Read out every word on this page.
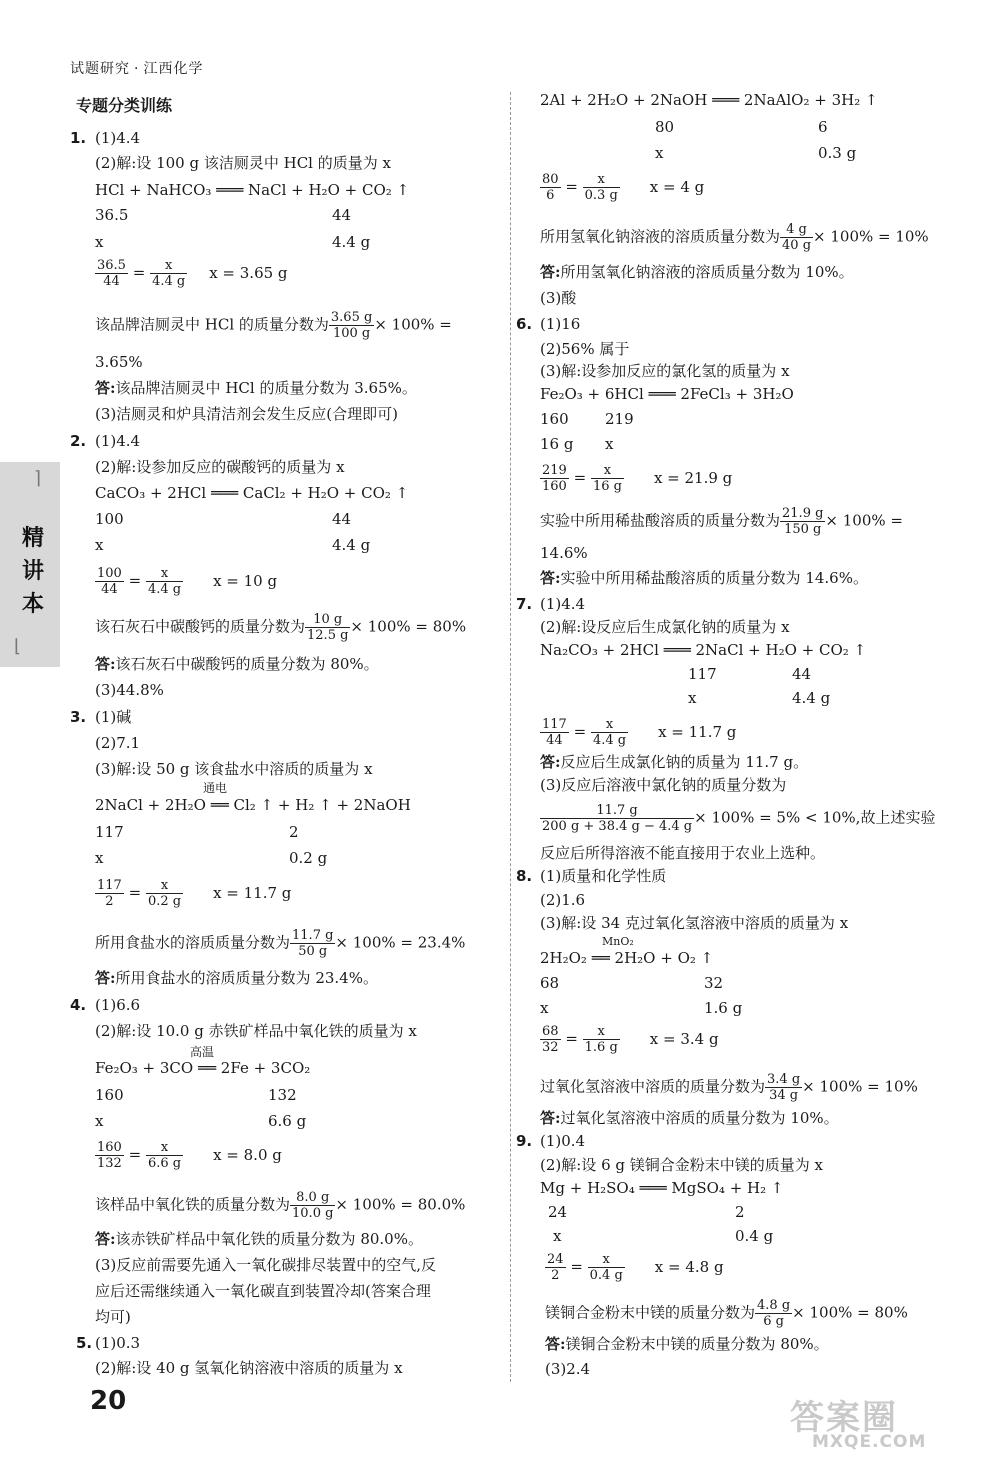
试题研究 · 江西化学
⌉
精讲本
⌊
专题分类训练
1. (1)4.4
(2)解:设 100 g 该洁厕灵中 HCl 的质量为 x
HCl + NaHCO₃ ═══ NaCl + H₂O + CO₂ ↑
36.5	44
x	4.4 g
$\frac{36.5}{44} = \frac{x}{4.4 g}$ x = 3.65 g
该品牌洁厕灵中 HCl 的质量分数为 $\frac{3.65 g}{100 g} \times 100\%$ =
3.65%
答:该品牌洁厕灵中 HCl 的质量分数为 3.65%。
(3)洁厕灵和炉具清洁剂会发生反应(合理即可)
2. (1)4.4
(2)解:设参加反应的碳酸钙的质量为 x
CaCO₃ + 2HCl ═══ CaCl₂ + H₂O + CO₂ ↑
100	44
x	4.4 g
$\frac{100}{44} = \frac{x}{4.4 g}$ x = 10 g
该石灰石中碳酸钙的质量分数为 $\frac{10 g}{12.5 g} \times 100\% = 80\%$
答:该石灰石中碳酸钙的质量分数为 80%。
(3)44.8%
3. (1)碱
(2)7.1
(3)解:设 50 g 该食盐水中溶质的质量为 x
通电
2NaCl + 2H₂O ══ Cl₂ ↑ + H₂ ↑ + 2NaOH
117	2
x	0.2 g
$\frac{117}{2} = \frac{x}{0.2 g}$ x = 11.7 g
所用食盐水的溶质质量分数为 $\frac{11.7 g}{50 g} \times 100\% = 23.4\%$
答:所用食盐水的溶质质量分数为 23.4%。
4. (1)6.6
(2)解:设 10.0 g 赤铁矿样品中氧化铁的质量为 x
高温
Fe₂O₃ + 3CO ══ 2Fe + 3CO₂
160	132
x	6.6 g
$\frac{160}{132} = \frac{x}{6.6 g}$ x = 8.0 g
该样品中氧化铁的质量分数为 $\frac{8.0 g}{10.0 g} \times 100\% = 80.0\%$
答:该赤铁矿样品中氧化铁的质量分数为 80.0%。
(3)反应前需要先通入一氧化碳排尽装置中的空气,反
应后还需继续通入一氧化碳直到装置冷却(答案合理
均可)
5. (1)0.3
(2)解:设 40 g 氢氧化钠溶液中溶质的质量为 x
2Al + 2H₂O + 2NaOH ═══ 2NaAlO₂ + 3H₂ ↑
80	6
x	0.3 g
$\frac{80}{6} = \frac{x}{0.3 g}$ x = 4 g
所用氢氧化钠溶液的溶质质量分数为 $\frac{4 g}{40 g} \times 100\% = 10\%$
答:所用氢氧化钠溶液的溶质质量分数为 10%。
(3)酸
6. (1)16
(2)56% 属于
(3)解:设参加反应的氯化氢的质量为 x
Fe₂O₃ + 6HCl ═══ 2FeCl₃ + 3H₂O
160 219
16 g x
$\frac{219}{160} = \frac{x}{16 g}$ x = 21.9 g
实验中所用稀盐酸溶质的质量分数为 $\frac{21.9 g}{150 g} \times 100\%$ =
14.6%
答:实验中所用稀盐酸溶质的质量分数为 14.6%。
7. (1)4.4
(2)解:设反应后生成氯化钠的质量为 x
Na₂CO₃ + 2HCl ═══ 2NaCl + H₂O + CO₂ ↑
117	44
x	4.4 g
$\frac{117}{44} = \frac{x}{4.4 g}$ x = 11.7 g
答:反应后生成氯化钠的质量为 11.7 g。
(3)反应后溶液中氯化钠的质量分数为
$\frac{11.7 g}{200 g + 38.4 g - 4.4 g} \times 100\% = 5\% < 10\%$,故上述实验
反应后所得溶液不能直接用于农业上选种。
8. (1)质量和化学性质
(2)1.6
(3)解:设 34 克过氧化氢溶液中溶质的质量为 x
MnO₂
2H₂O₂ ══ 2H₂O + O₂ ↑
68	32
x	1.6 g
$\frac{68}{32} = \frac{x}{1.6 g}$ x = 3.4 g
过氧化氢溶液中溶质的质量分数为 $\frac{3.4 g}{34 g} \times 100\% = 10\%$
答:过氧化氢溶液中溶质的质量分数为 10%。
9. (1)0.4
(2)解:设 6 g 镁铜合金粉末中镁的质量为 x
Mg + H₂SO₄ ═══ MgSO₄ + H₂ ↑
24	2
x	0.4 g
$\frac{24}{2} = \frac{x}{0.4 g}$ x = 4.8 g
镁铜合金粉末中镁的质量分数为 $\frac{4.8 g}{6 g} \times 100\% = 80\%$
答:镁铜合金粉末中镁的质量分数为 80%。
(3)2.4
20	答案圈
MXQE.COM
